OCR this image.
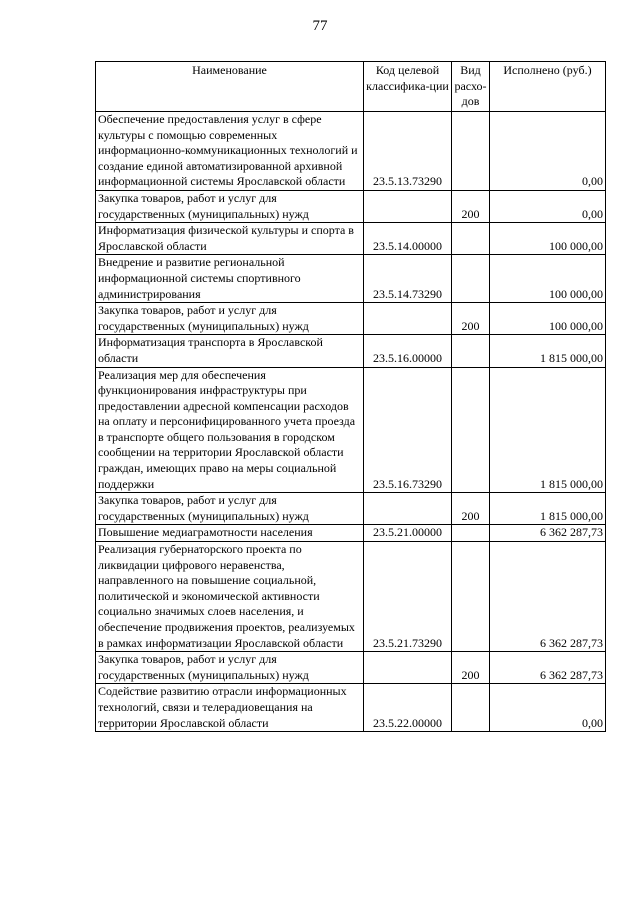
77
Наименование	Код целевой классифика-ции	Вид расхо-дов	Исполнено (руб.)
Обеспечение предоставления услуг в сфере культуры с помощью современных информационно-коммуникационных технологий и создание единой автоматизированной архивной информационной системы Ярославской области	23.5.13.73290		0,00
Закупка товаров, работ и услуг для государственных (муниципальных) нужд		200	0,00
Информатизация физической культуры и спорта в Ярославской области	23.5.14.00000		100 000,00
Внедрение и развитие региональной информационной системы спортивного администрирования	23.5.14.73290		100 000,00
Закупка товаров, работ и услуг для государственных (муниципальных) нужд		200	100 000,00
Информатизация транспорта в Ярославской области	23.5.16.00000		1 815 000,00
Реализация мер для обеспечения функционирования инфраструктуры при предоставлении адресной компенсации расходов на оплату и персонифицированного учета проезда в транспорте общего пользования в городском сообщении на территории Ярославской области граждан, имеющих право на меры социальной поддержки	23.5.16.73290		1 815 000,00
Закупка товаров, работ и услуг для государственных (муниципальных) нужд		200	1 815 000,00
Повышение медиаграмотности населения	23.5.21.00000		6 362 287,73
Реализация губернаторского проекта по ликвидации цифрового неравенства, направленного на повышение социальной, политической и экономической активности социально значимых слоев населения, и обеспечение продвижения проектов, реализуемых в рамках информатизации Ярославской области	23.5.21.73290		6 362 287,73
Закупка товаров, работ и услуг для государственных (муниципальных) нужд		200	6 362 287,73
Содействие развитию отрасли информационных технологий, связи и телерадиовещания на территории Ярославской области	23.5.22.00000		0,00
